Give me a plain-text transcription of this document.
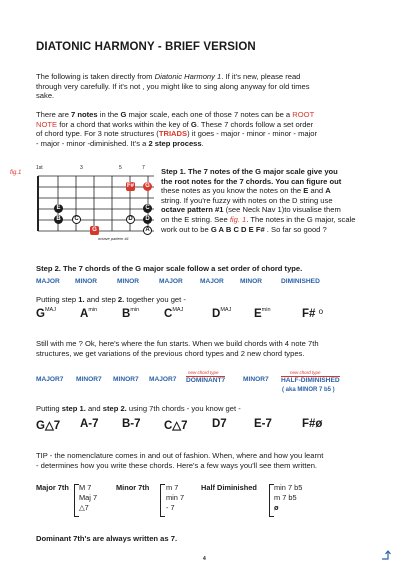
DIATONIC HARMONY - BRIEF VERSION
The following is taken directly from Diatonic Harmony 1. If it's new, please read
through very carefully. If it's not , you might like to sing along anyway for old times
sake.
There are 7 notes in the G major scale, each one of those 7 notes can be a ROOT
NOTE for a chord that works within the key of G. These 7 chords follow a set order
of chord type. For 3 note structures (TRIADS) it goes - major - minor - minor - major
- major - minor -diminished. It's a 2 step process.
fig.1
1st	3	5	7
E
B	C
G
D
F#	G
C
D
A
octave pattern #1
Step 1. The 7 notes of the G major scale give you
the root notes for the 7 chords. You can figure out
these notes as you know the notes on the E and A
string. If you're fuzzy with notes on the D string use
octave pattern #1 (see Neck Nav 1)to visualise them
on the E string. See fig. 1. The notes in the G major, scale
work out to be G A B C D E F# . So far so good ?
Step 2. The 7 chords of the G major scale follow a set order of chord type.
MAJOR MINOR	MINOR	MAJOR	MAJOR MINOR	DIMINISHED
Putting step 1. and step 2. together you get -
$G^{MAJ}$ $A^{min}$ $B^{min}$ $C^{MAJ}$ $D^{MAJ}$ $E^{min}$	F# $^o$
Still with me ? Ok, here's where the fun starts. When we build chords with 4 note 7th
structures, we get variations of the previous chord types and 2 new chord types.
new chord type	new chord type
MAJOR7 MINOR7 MINOR7 MAJOR7 DOMINANT7	MINOR7 HALF-DIMINISHED
( aka MINOR 7 b5 )
Putting step 1. and step 2. using 7th chords - you know get -
G△7 A-7 B-7 C△7 D7 E-7	F#ø
TIP - the nomenclature comes in and out of fashion. When, where and how you learnt
- determines how you write these chords. Here's a few ways you'll see them written.
Major 7th M 7
Maj 7
△7
Minor 7th m 7
min 7
- 7
Half Diminished min 7 b5
m 7 b5
ø
Dominant 7th's are always written as 7.
4
